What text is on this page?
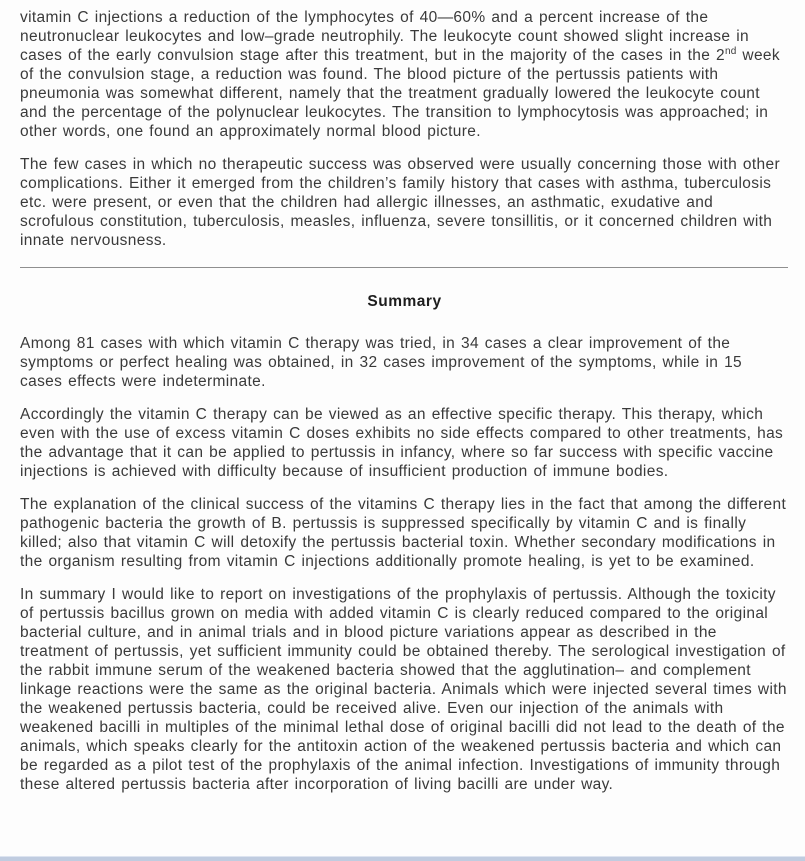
vitamin C injections a reduction of the lymphocytes of 40—60% and a percent increase of the neutronuclear leukocytes and low–grade neutrophily. The leukocyte count showed slight increase in cases of the early convulsion stage after this treatment, but in the majority of the cases in the 2nd week of the convulsion stage, a reduction was found. The blood picture of the pertussis patients with pneumonia was somewhat different, namely that the treatment gradually lowered the leukocyte count and the percentage of the polynuclear leukocytes. The transition to lymphocytosis was approached; in other words, one found an approximately normal blood picture.

The few cases in which no therapeutic success was observed were usually concerning those with other complications. Either it emerged from the children’s family history that cases with asthma, tuberculosis etc. were present, or even that the children had allergic illnesses, an asthmatic, exudative and scrofulous constitution, tuberculosis, measles, influenza, severe tonsillitis, or it concerned children with innate nervousness.

Summary

Among 81 cases with which vitamin C therapy was tried, in 34 cases a clear improvement of the symptoms or perfect healing was obtained, in 32 cases improvement of the symptoms, while in 15 cases effects were indeterminate.

Accordingly the vitamin C therapy can be viewed as an effective specific therapy. This therapy, which even with the use of excess vitamin C doses exhibits no side effects compared to other treatments, has the advantage that it can be applied to pertussis in infancy, where so far success with specific vaccine injections is achieved with difficulty because of insufficient production of immune bodies.

The explanation of the clinical success of the vitamins C therapy lies in the fact that among the different pathogenic bacteria the growth of B. pertussis is suppressed specifically by vitamin C and is finally killed; also that vitamin C will detoxify the pertussis bacterial toxin. Whether secondary modifications in the organism resulting from vitamin C injections additionally promote healing, is yet to be examined.

In summary I would like to report on investigations of the prophylaxis of pertussis. Although the toxicity of pertussis bacillus grown on media with added vitamin C is clearly reduced compared to the original bacterial culture, and in animal trials and in blood picture variations appear as described in the treatment of pertussis, yet sufficient immunity could be obtained thereby. The serological investigation of the rabbit immune serum of the weakened bacteria showed that the agglutination– and complement linkage reactions were the same as the original bacteria. Animals which were injected several times with the weakened pertussis bacteria, could be received alive. Even our injection of the animals with weakened bacilli in multiples of the minimal lethal dose of original bacilli did not lead to the death of the animals, which speaks clearly for the antitoxin action of the weakened pertussis bacteria and which can be regarded as a pilot test of the prophylaxis of the animal infection. Investigations of immunity through these altered pertussis bacteria after incorporation of living bacilli are under way.
